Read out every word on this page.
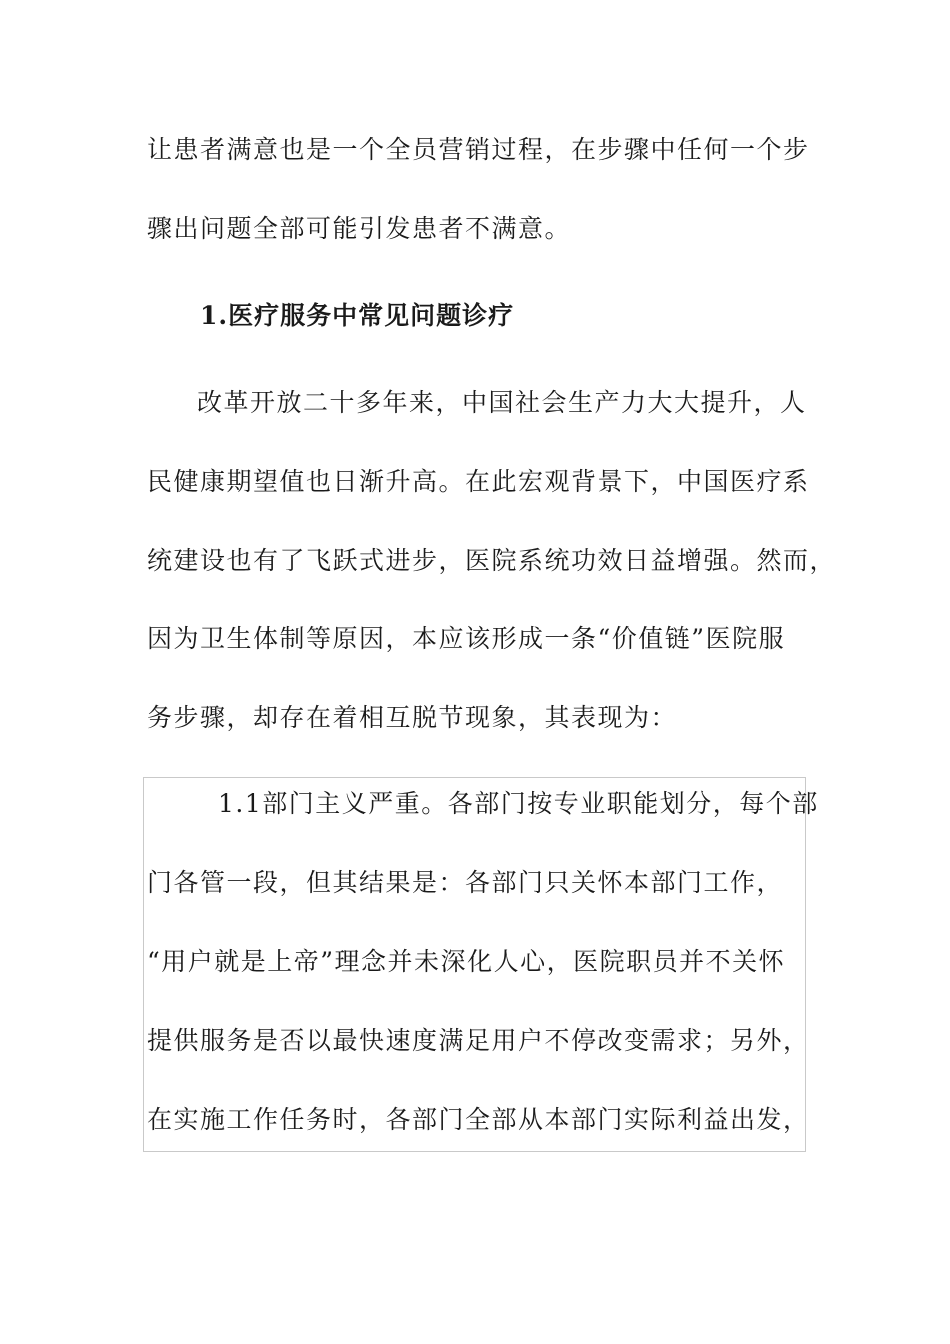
让患者满意也是一个全员营销过程，在步骤中任何一个步
骤出问题全部可能引发患者不满意。
1.医疗服务中常见问题诊疗
改革开放二十多年来，中国社会生产力大大提升，人
民健康期望值也日渐升高。在此宏观背景下，中国医疗系
统建设也有了飞跃式进步，医院系统功效日益增强。然而，
因为卫生体制等原因，本应该形成一条“价值链”医院服
务步骤，却存在着相互脱节现象，其表现为：
1.1部门主义严重。各部门按专业职能划分，每个部
门各管一段，但其结果是：各部门只关怀本部门工作，
“用户就是上帝”理念并未深化人心，医院职员并不关怀
提供服务是否以最快速度满足用户不停改变需求；另外，
在实施工作任务时，各部门全部从本部门实际利益出发，
